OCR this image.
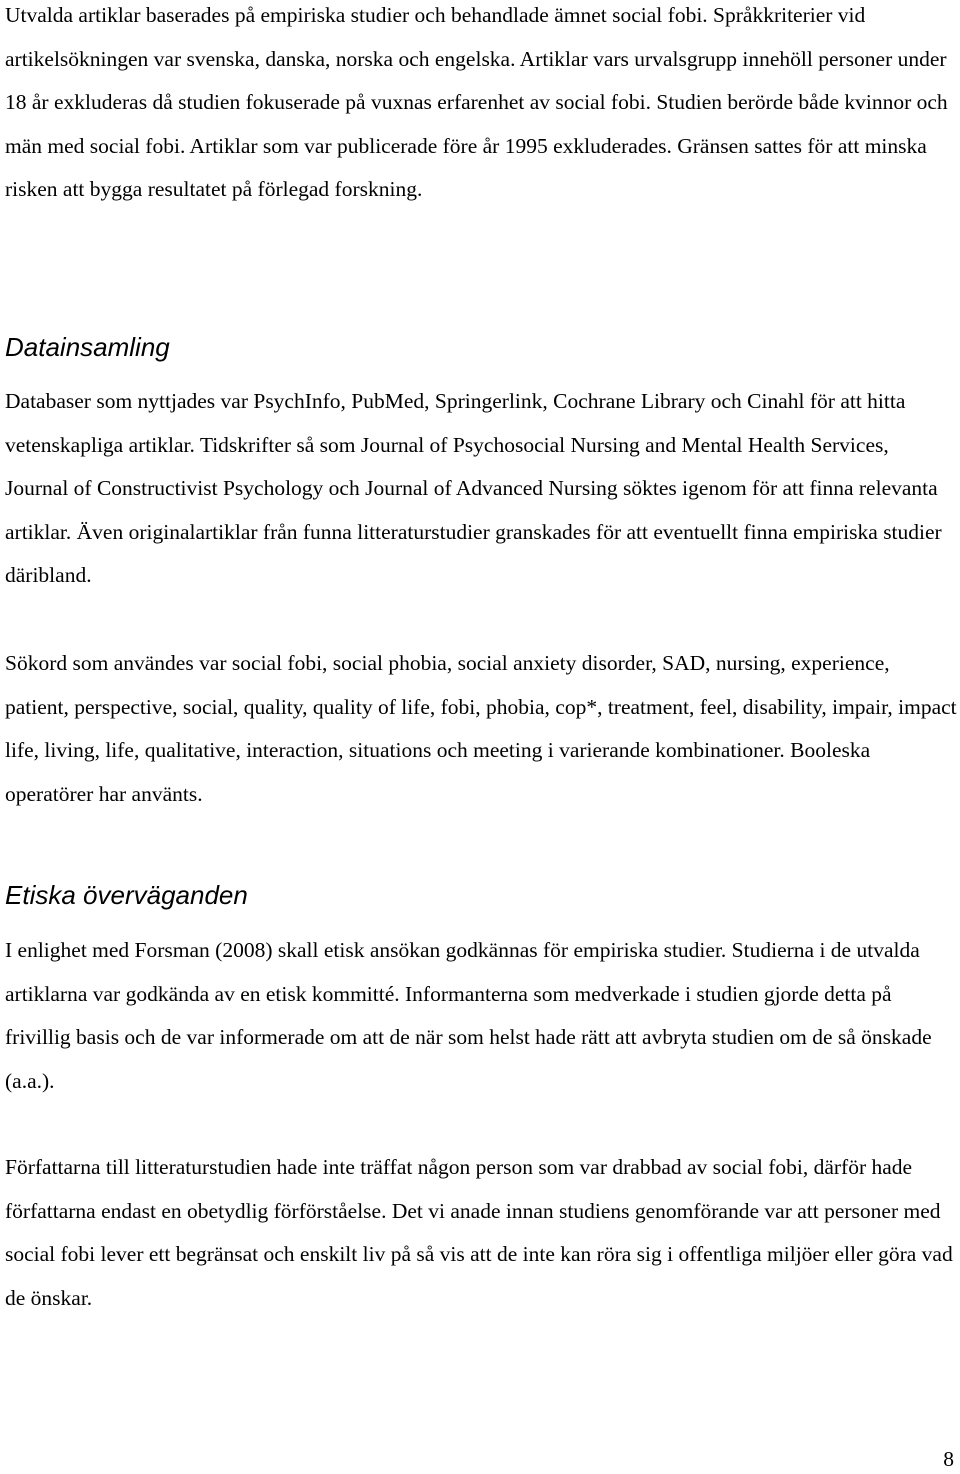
Utvalda artiklar baserades på empiriska studier och behandlade ämnet social fobi. Språkkriterier vid artikelsökningen var svenska, danska, norska och engelska. Artiklar vars urvalsgrupp innehöll personer under 18 år exkluderas då studien fokuserade på vuxnas erfarenhet av social fobi. Studien berörde både kvinnor och män med social fobi. Artiklar som var publicerade före år 1995 exkluderades. Gränsen sattes för att minska risken att bygga resultatet på förlegad forskning.

Datainsamling

Databaser som nyttjades var PsychInfo, PubMed, Springerlink, Cochrane Library och Cinahl för att hitta vetenskapliga artiklar. Tidskrifter så som Journal of Psychosocial Nursing and Mental Health Services, Journal of Constructivist Psychology och Journal of Advanced Nursing söktes igenom för att finna relevanta artiklar. Även originalartiklar från funna litteraturstudier granskades för att eventuellt finna empiriska studier däribland.

Sökord som användes var social fobi, social phobia, social anxiety disorder, SAD, nursing, experience, patient, perspective, social, quality, quality of life, fobi, phobia, cop*, treatment, feel, disability, impair, impact life, living, life, qualitative, interaction, situations och meeting i varierande kombinationer. Booleska operatörer har använts.

Etiska överväganden

I enlighet med Forsman (2008) skall etisk ansökan godkännas för empiriska studier. Studierna i de utvalda artiklarna var godkända av en etisk kommitté. Informanterna som medverkade i studien gjorde detta på frivillig basis och de var informerade om att de när som helst hade rätt att avbryta studien om de så önskade (a.a.).

Författarna till litteraturstudien hade inte träffat någon person som var drabbad av social fobi, därför hade författarna endast en obetydlig förförståelse. Det vi anade innan studiens genomförande var att personer med social fobi lever ett begränsat och enskilt liv på så vis att de inte kan röra sig i offentliga miljöer eller göra vad de önskar.

8
